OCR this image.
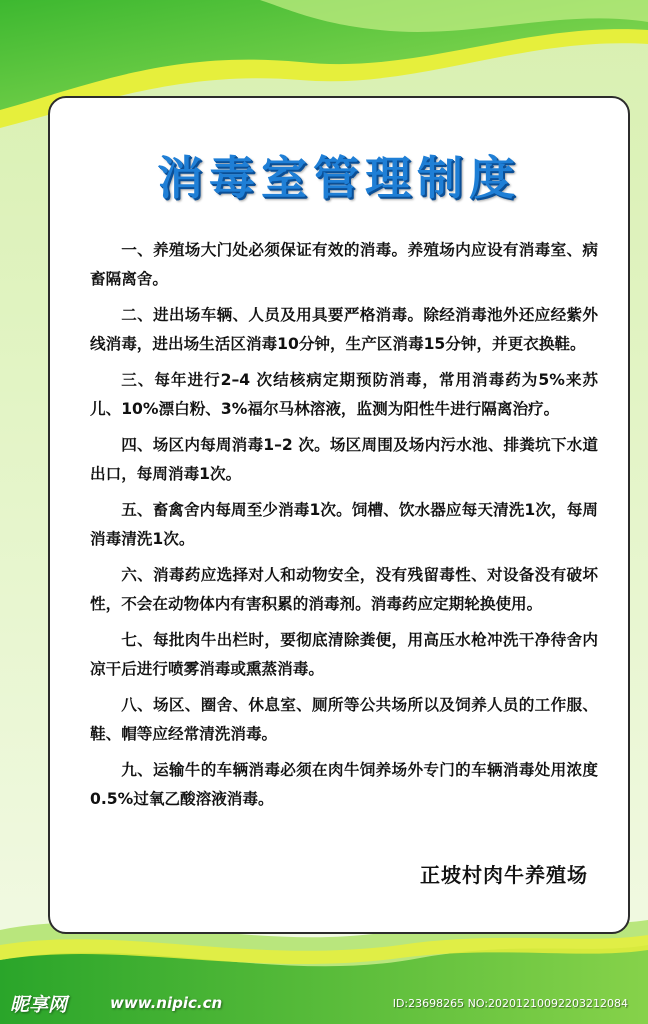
消毒室管理制度

一、养殖场大门处必须保证有效的消毒。养殖场内应设有消毒室、病畜隔离舍。

二、进出场车辆、人员及用具要严格消毒。除经消毒池外还应经紫外线消毒，进出场生活区消毒10分钟，生产区消毒15分钟，并更衣换鞋。

三、每年进行2–4 次结核病定期预防消毒，常用消毒药为5%来苏儿、10%漂白粉、3%福尔马林溶液，监测为阳性牛进行隔离治疗。

四、场区内每周消毒1–2 次。场区周围及场内污水池、排粪坑下水道出口，每周消毒1次。

五、畜禽舍内每周至少消毒1次。饲槽、饮水器应每天清洗1次，每周消毒清洗1次。

六、消毒药应选择对人和动物安全，没有残留毒性、对设备没有破坏性，不会在动物体内有害积累的消毒剂。消毒药应定期轮换使用。

七、每批肉牛出栏时，要彻底清除粪便，用高压水枪冲洗干净待舍内凉干后进行喷雾消毒或熏蒸消毒。

八、场区、圈舍、休息室、厕所等公共场所以及饲养人员的工作服、鞋、帽等应经常清洗消毒。

九、运输牛的车辆消毒必须在肉牛饲养场外专门的车辆消毒处用浓度0.5%过氧乙酸溶液消毒。

正坡村肉牛养殖场
昵享网	www.nipic.cn	ID:23698265 NO:20201210092203212084
